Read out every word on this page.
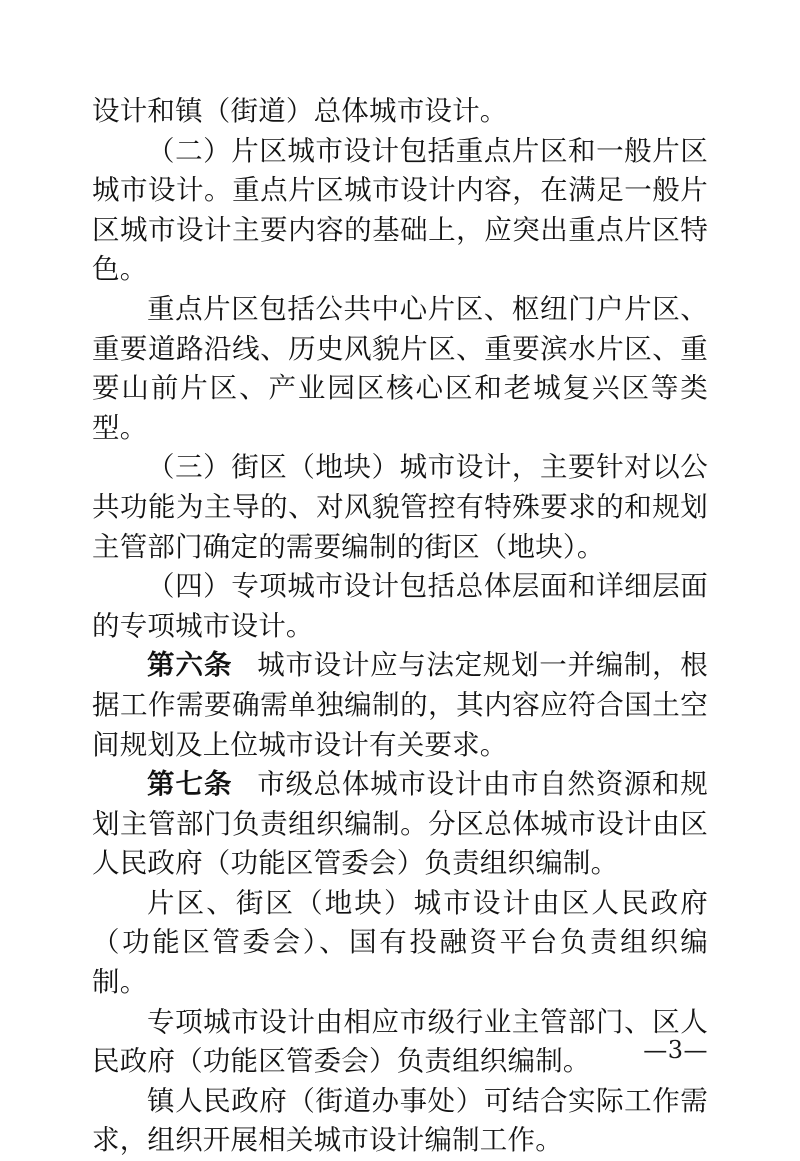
设计和镇（街道）总体城市设计。

（二）片区城市设计包括重点片区和一般片区城市设计。重点片区城市设计内容，在满足一般片区城市设计主要内容的基础上，应突出重点片区特色。

重点片区包括公共中心片区、枢纽门户片区、重要道路沿线、历史风貌片区、重要滨水片区、重要山前片区、产业园区核心区和老城复兴区等类型。

（三）街区（地块）城市设计，主要针对以公共功能为主导的、对风貌管控有特殊要求的和规划主管部门确定的需要编制的街区（地块）。

（四）专项城市设计包括总体层面和详细层面的专项城市设计。

第六条 城市设计应与法定规划一并编制，根据工作需要确需单独编制的，其内容应符合国土空间规划及上位城市设计有关要求。

第七条 市级总体城市设计由市自然资源和规划主管部门负责组织编制。分区总体城市设计由区人民政府（功能区管委会）负责组织编制。

片区、街区（地块）城市设计由区人民政府（功能区管委会）、国有投融资平台负责组织编制。

专项城市设计由相应市级行业主管部门、区人民政府（功能区管委会）负责组织编制。

镇人民政府（街道办事处）可结合实际工作需求，组织开展相关城市设计编制工作。

—3—
